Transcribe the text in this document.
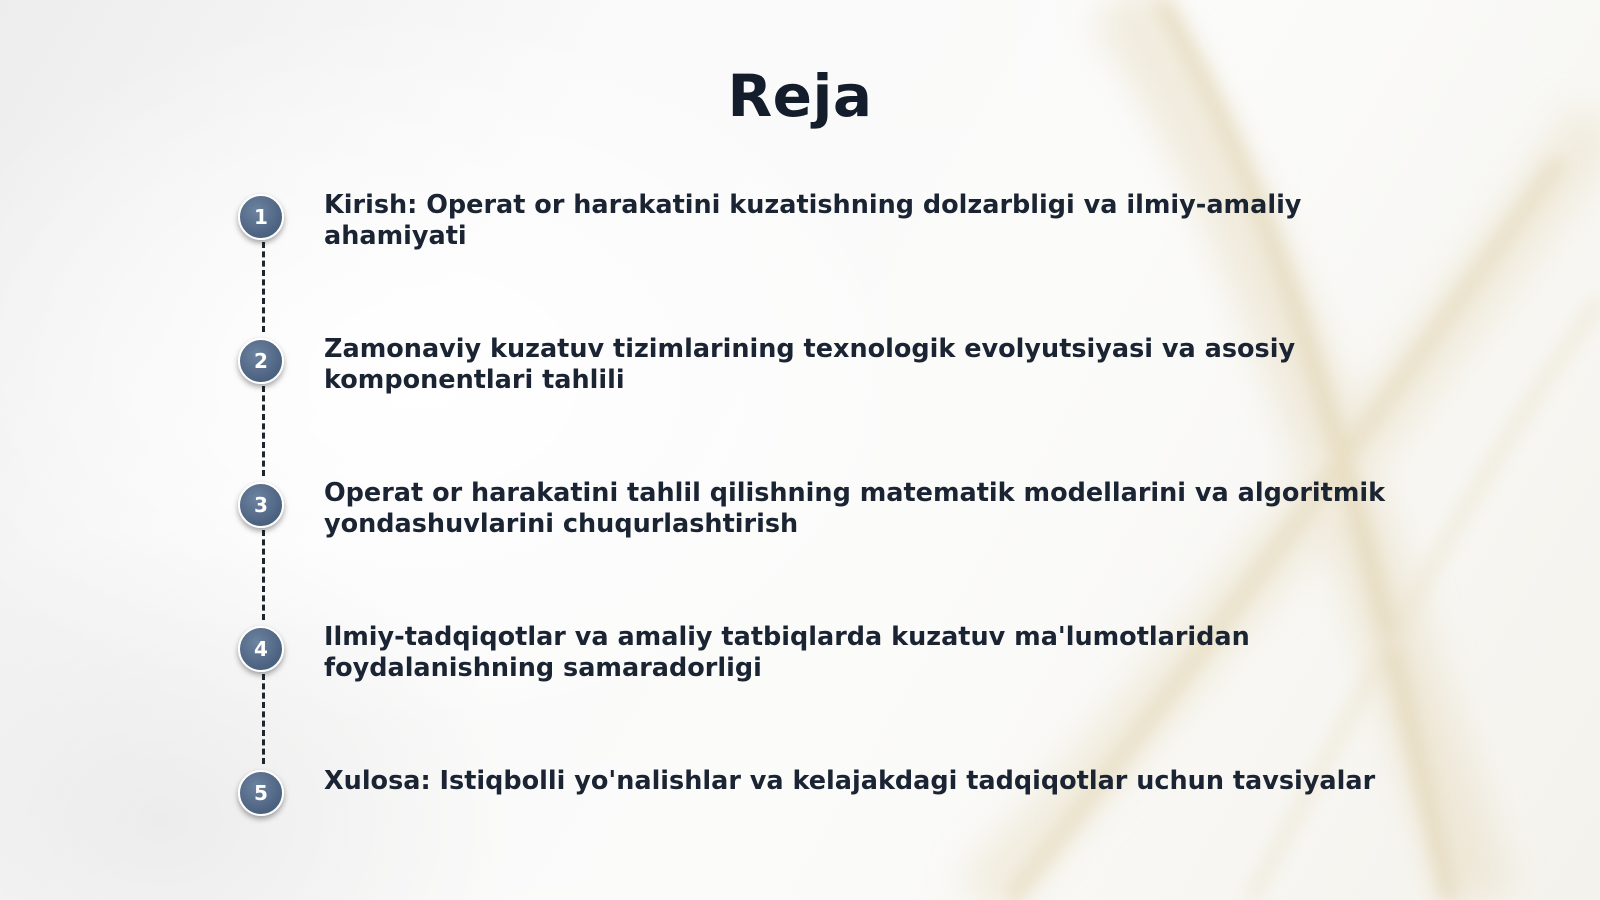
Reja
1	Kirish: Operat or harakatini kuzatishning dolzarbligi va ilmiy-amaliy ahamiyati
2	Zamonaviy kuzatuv tizimlarining texnologik evolyutsiyasi va asosiy komponentlari tahlili
3	Operat or harakatini tahlil qilishning matematik modellarini va algoritmik yondashuvlarini chuqurlashtirish
4	Ilmiy-tadqiqotlar va amaliy tatbiqlarda kuzatuv ma'lumotlaridan foydalanishning samaradorligi
5	Xulosa: Istiqbolli yo'nalishlar va kelajakdagi tadqiqotlar uchun tavsiyalar
